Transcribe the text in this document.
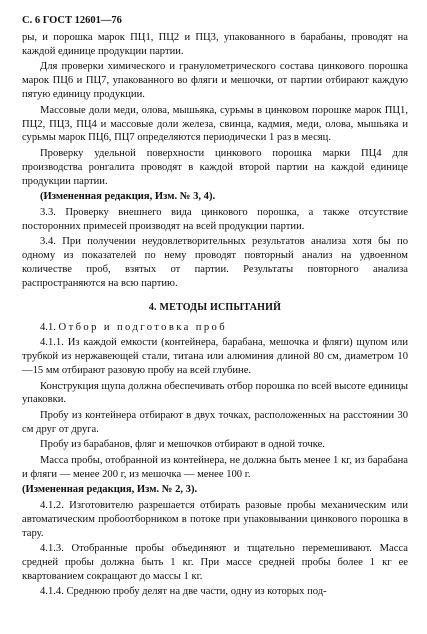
С. 6 ГОСТ 12601—76

ры, и порошка марок ПЦ1, ПЦ2 и ПЦ3, упакованного в барабаны, проводят на каждой единице продукции партии.

Для проверки химического и гранулометрического состава цинкового порошка марок ПЦ6 и ПЦ7, упакованного во фляги и мешочки, от партии отбирают каждую пятую единицу продукции.

Массовые доли меди, олова, мышьяка, сурьмы в цинковом порошке марок ПЦ1, ПЦ2, ПЦ3, ПЦ4 и массовые доли железа, свинца, кадмия, меди, олова, мышьяка и сурьмы марок ПЦ6, ПЦ7 определяются периодически 1 раз в месяц.

Проверку удельной поверхности цинкового порошка марки ПЦ4 для производства ронгалита проводят в каждой второй партии на каждой единице продукции партии.

(Измененная редакция, Изм. № 3, 4).

3.3. Проверку внешнего вида цинкового порошка, а также отсутствие посторонних примесей производят на всей продукции партии.

3.4. При получении неудовлетворительных результатов анализа хотя бы по одному из показателей по нему проводят повторный анализ на удвоенном количестве проб, взятых от партии. Результаты повторного анализа распространяются на всю партию.

4. МЕТОДЫ ИСПЫТАНИЙ

4.1. Отбор и подготовка проб

4.1.1. Из каждой емкости (контейнера, барабана, мешочка и фляги) щупом или трубкой из нержавеющей стали, титана или алюминия длиной 80 см, диаметром 10—15 мм отбирают разовую пробу на всей глубине.

Конструкция щупа должна обеспечивать отбор порошка по всей высоте единицы упаковки.

Пробу из контейнера отбирают в двух точках, расположенных на расстоянии 30 см друг от друга.

Пробу из барабанов, фляг и мешочков отбирают в одной точке.

Масса пробы, отобранной из контейнера, не должна быть менее 1 кг, из барабана и фляги — менее 200 г, из мешочка — менее 100 г.

(Измененная редакция, Изм. № 2, 3).

4.1.2. Изготовителю разрешается отбирать разовые пробы механическим или автоматическим пробоотборником в потоке при упаковывании цинкового порошка в тару.

4.1.3. Отобранные пробы объединяют и тщательно перемешивают. Масса средней пробы должна быть 1 кг. При массе средней пробы более 1 кг ее квартованием сокращают до массы 1 кг.

4.1.4. Среднюю пробу делят на две части, одну из которых под-
